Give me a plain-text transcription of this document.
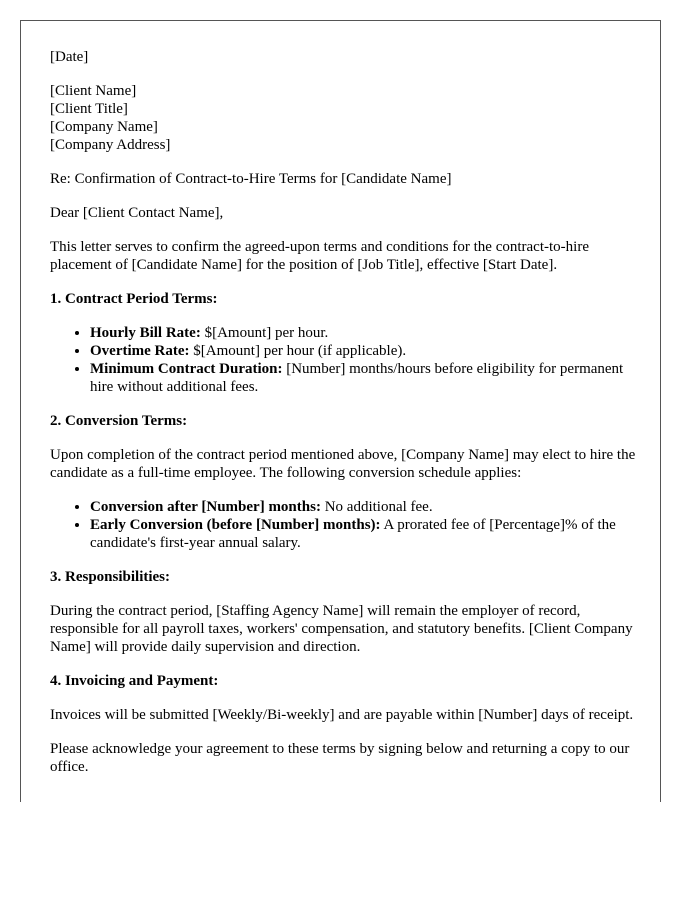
[Date]

[Client Name]
[Client Title]
[Company Name]
[Company Address]

Re: Confirmation of Contract-to-Hire Terms for [Candidate Name]

Dear [Client Contact Name],

This letter serves to confirm the agreed-upon terms and conditions for the contract-to-hire placement of [Candidate Name] for the position of [Job Title], effective [Start Date].

1. Contract Period Terms:
• Hourly Bill Rate: $[Amount] per hour.
• Overtime Rate: $[Amount] per hour (if applicable).
• Minimum Contract Duration: [Number] months/hours before eligibility for permanent hire without additional fees.
2. Conversion Terms:

Upon completion of the contract period mentioned above, [Company Name] may elect to hire the candidate as a full-time employee. The following conversion schedule applies:

• Conversion after [Number] months: No additional fee.
• Early Conversion (before [Number] months): A prorated fee of [Percentage]% of the candidate's first-year annual salary.
3. Responsibilities:

During the contract period, [Staffing Agency Name] will remain the employer of record, responsible for all payroll taxes, workers' compensation, and statutory benefits. [Client Company Name] will provide daily supervision and direction.

4. Invoicing and Payment:

Invoices will be submitted [Weekly/Bi-weekly] and are payable within [Number] days of receipt.

Please acknowledge your agreement to these terms by signing below and returning a copy to our office.
